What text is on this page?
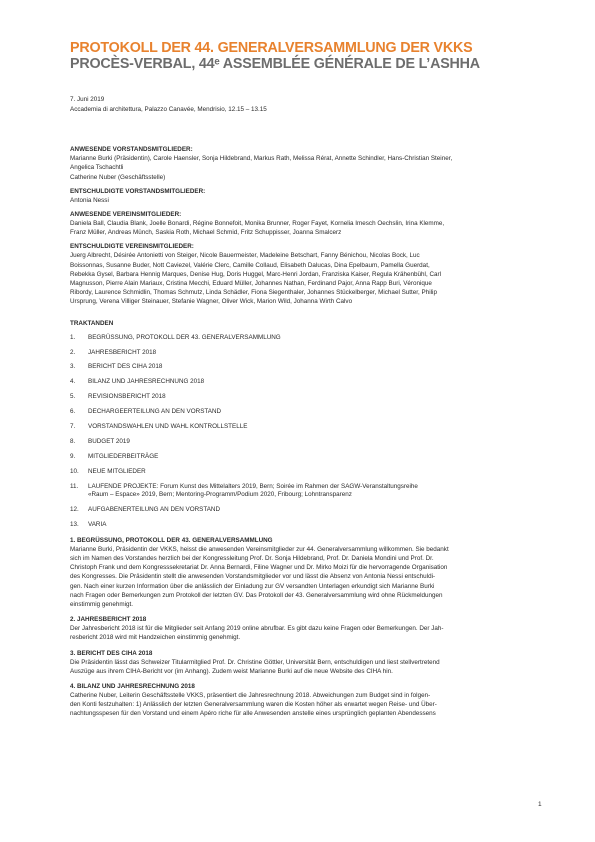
PROTOKOLL DER 44. GENERALVERSAMMLUNG DER VKKS
PROCÈS-VERBAL, 44ᵉ ASSEMBLÉE GÉNÉRALE DE L’ASHHA
7. Juni 2019
Accademia di architettura, Palazzo Canavée, Mendrisio, 12.15 – 13.15
ANWESENDE VORSTANDSMITGLIEDER:
Marianne Burki (Präsidentin), Carole Haensler, Sonja Hildebrand, Markus Rath, Melissa Rérat, Annette Schindler, Hans-Christian Steiner,
Angelica Tschachtli
Catherine Nuber (Geschäftsstelle)
ENTSCHULDIGTE VORSTANDSMITGLIEDER:
Antonia Nessi
ANWESENDE VEREINSMITGLIEDER:
Daniela Ball, Claudia Blank, Joelle Bonardi, Régine Bonnefoit, Monika Brunner, Roger Fayet, Kornelia Imesch Oechslin, Irina Klemme,
Franz Müller, Andreas Münch, Saskia Roth, Michael Schmid, Fritz Schuppisser, Joanna Smalcerz
ENTSCHULDIGTE VEREINSMITGLIEDER:
Juerg Albrecht, Désirée Antonietti von Steiger, Nicole Bauermeister, Madeleine Betschart, Fanny Bénichou, Nicolas Bock, Luc
Boissonnas, Susanne Buder, Nott Caviezel, Valérie Clerc, Camille Collaud, Elisabeth Dalucas, Dina Epelbaum, Pamella Guerdat,
Rebekka Gysel, Barbara Hennig Marques, Denise Hug, Doris Huggel, Marc-Henri Jordan, Franziska Kaiser, Regula Krähenbühl, Carl
Magnusson, Pierre Alain Mariaux, Cristina Mecchi, Eduard Müller, Johannes Nathan, Ferdinand Pajor, Anna Rapp Buri, Véronique
Ribordy, Laurence Schmidlin, Thomas Schmutz, Linda Schädler, Fiona Siegenthaler, Johannes Stückelberger, Michael Sutter, Philip
Ursprung, Verena Villiger Steinauer, Stefanie Wagner, Oliver Wick, Marion Wild, Johanna Wirth Calvo
TRAKTANDEN
1.	BEGRÜSSUNG, PROTOKOLL DER 43. GENERALVERSAMMLUNG
2.	JAHRESBERICHT 2018
3.	BERICHT DES CIHA 2018
4.	BILANZ UND JAHRESRECHNUNG 2018
5.	REVISIONSBERICHT 2018
6.	DECHARGEERTEILUNG AN DEN VORSTAND
7.	VORSTANDSWAHLEN UND WAHL KONTROLLSTELLE
8.	BUDGET 2019
9.	MITGLIEDERBEITRÄGE
10.	NEUE MITGLIEDER
11.	LAUFENDE PROJEKTE: Forum Kunst des Mittelalters 2019, Bern; Soirée im Rahmen der SAGW-Veranstaltungsreihe
«Raum – Espace» 2019, Bern; Mentoring-Programm/Podium 2020, Fribourg; Lohntransparenz
12.	AUFGABENERTEILUNG AN DEN VORSTAND
13.	VARIA
1. BEGRÜSSUNG, PROTOKOLL DER 43. GENERALVERSAMMLUNG
Marianne Burki, Präsidentin der VKKS, heisst die anwesenden Vereinsmitglieder zur 44. Generalversammlung willkommen. Sie bedankt
sich im Namen des Vorstandes herzlich bei der Kongressleitung Prof. Dr. Sonja Hildebrand, Prof. Dr. Daniela Mondini und Prof. Dr.
Christoph Frank und dem Kongresssekretariat Dr. Anna Bernardi, Filine Wagner und Dr. Mirko Moizi für die hervorragende Organisation
des Kongresses. Die Präsidentin stellt die anwesenden Vorstandsmitglieder vor und lässt die Absenz von Antonia Nessi entschuldi-
gen. Nach einer kurzen Information über die anlässlich der Einladung zur GV versandten Unterlagen erkundigt sich Marianne Burki
nach Fragen oder Bemerkungen zum Protokoll der letzten GV. Das Protokoll der 43. Generalversammlung wird ohne Rückmeldungen
einstimmig genehmigt.
2. JAHRESBERICHT 2018
Der Jahresbericht 2018 ist für die Mitglieder seit Anfang 2019 online abrufbar. Es gibt dazu keine Fragen oder Bemerkungen. Der Jah-
resbericht 2018 wird mit Handzeichen einstimmig genehmigt.
3. BERICHT DES CIHA 2018
Die Präsidentin lässt das Schweizer Titularmitglied Prof. Dr. Christine Göttler, Universität Bern, entschuldigen und liest stellvertretend
Auszüge aus ihrem CIHA-Bericht vor (im Anhang). Zudem weist Marianne Burki auf die neue Website des CIHA hin.
4. BILANZ UND JAHRESRECHNUNG 2018
Catherine Nuber, Leiterin Geschäftsstelle VKKS, präsentiert die Jahresrechnung 2018. Abweichungen zum Budget sind in folgen-
den Konti festzuhalten: 1) Anlässlich der letzten Generalversammlung waren die Kosten höher als erwartet wegen Reise- und Über-
nachtungsspesen für den Vorstand und einem Apéro riche für alle Anwesenden anstelle eines ursprünglich geplanten Abendessens
1
